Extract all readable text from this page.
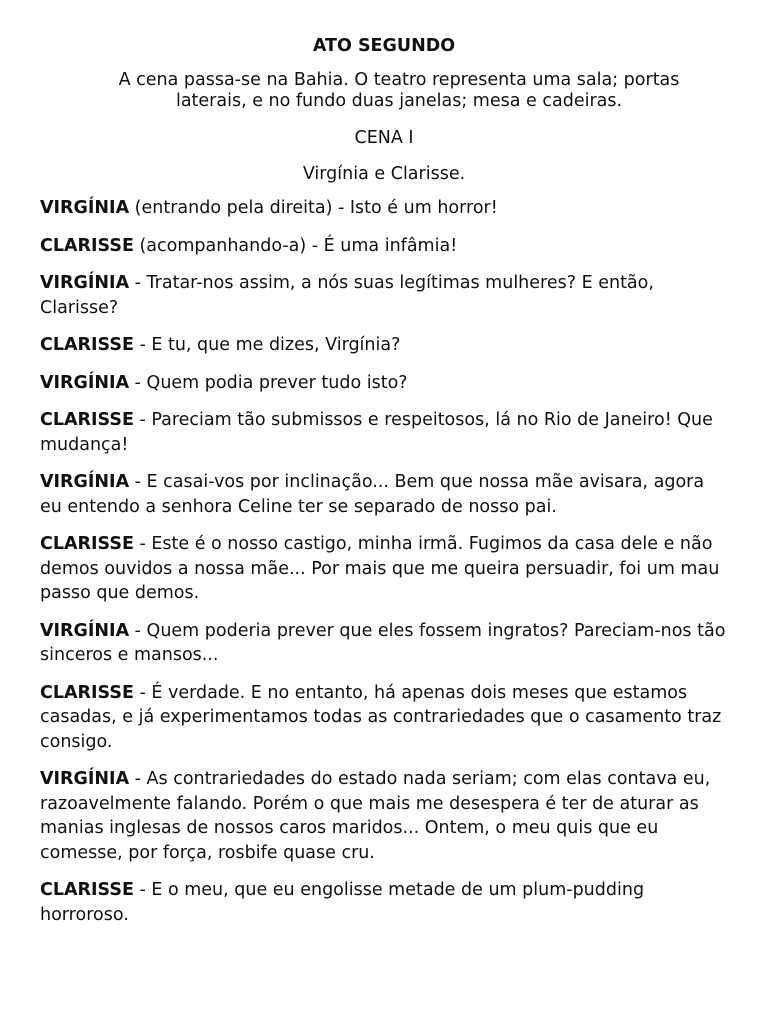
ATO SEGUNDO
A cena passa-se na Bahia. O teatro representa uma sala; portas laterais, e no fundo duas janelas; mesa e cadeiras.
CENA I
Virgínia e Clarisse.

VIRGÍNIA (entrando pela direita) - Isto é um horror!

CLARISSE (acompanhando-a) - É uma infâmia!

VIRGÍNIA - Tratar-nos assim, a nós suas legítimas mulheres? E então, Clarisse?

CLARISSE - E tu, que me dizes, Virgínia?

VIRGÍNIA - Quem podia prever tudo isto?

CLARISSE - Pareciam tão submissos e respeitosos, lá no Rio de Janeiro! Que mudança!

VIRGÍNIA - E casai-vos por inclinação... Bem que nossa mãe avisara, agora eu entendo a senhora Celine ter se separado de nosso pai.

CLARISSE - Este é o nosso castigo, minha irmã. Fugimos da casa dele e não demos ouvidos a nossa mãe... Por mais que me queira persuadir, foi um mau passo que demos.

VIRGÍNIA - Quem poderia prever que eles fossem ingratos? Pareciam-nos tão sinceros e mansos...

CLARISSE - É verdade. E no entanto, há apenas dois meses que estamos casadas, e já experimentamos todas as contrariedades que o casamento traz consigo.

VIRGÍNIA - As contrariedades do estado nada seriam; com elas contava eu, razoavelmente falando. Porém o que mais me desespera é ter de aturar as manias inglesas de nossos caros maridos... Ontem, o meu quis que eu comesse, por força, rosbife quase cru.

CLARISSE - E o meu, que eu engolisse metade de um plum-pudding horroroso.
